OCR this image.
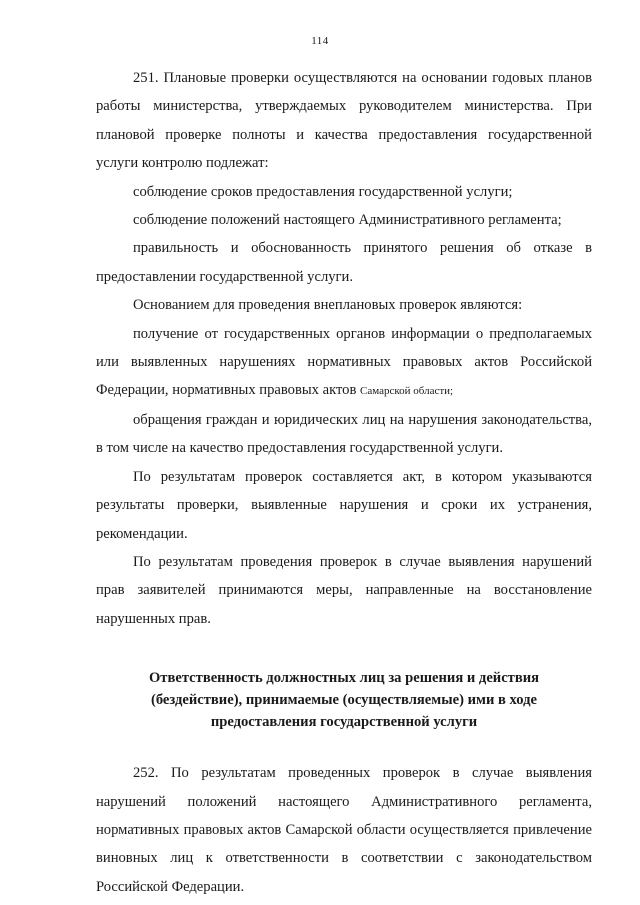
114

251. Плановые проверки осуществляются на основании годовых планов работы министерства, утверждаемых руководителем министерства. При плановой проверке полноты и качества предоставления государственной услуги контролю подлежат:

соблюдение сроков предоставления государственной услуги;

соблюдение положений настоящего Административного регламента;

правильность и обоснованность принятого решения об отказе в предоставлении государственной услуги.

Основанием для проведения внеплановых проверок являются:

получение от государственных органов информации о предполагаемых или выявленных нарушениях нормативных правовых актов Российской Федерации, нормативных правовых актов Самарской области;

обращения граждан и юридических лиц на нарушения законодательства, в том числе на качество предоставления государственной услуги.

По результатам проверок составляется акт, в котором указываются результаты проверки, выявленные нарушения и сроки их устранения, рекомендации.

По результатам проведения проверок в случае выявления нарушений прав заявителей принимаются меры, направленные на восстановление нарушенных прав.

Ответственность должностных лиц за решения и действия (бездействие), принимаемые (осуществляемые) ими в ходе предоставления государственной услуги

252. По результатам проведенных проверок в случае выявления нарушений положений настоящего Административного регламента, нормативных правовых актов Самарской области осуществляется привлечение виновных лиц к ответственности в соответствии с законодательством Российской Федерации.
